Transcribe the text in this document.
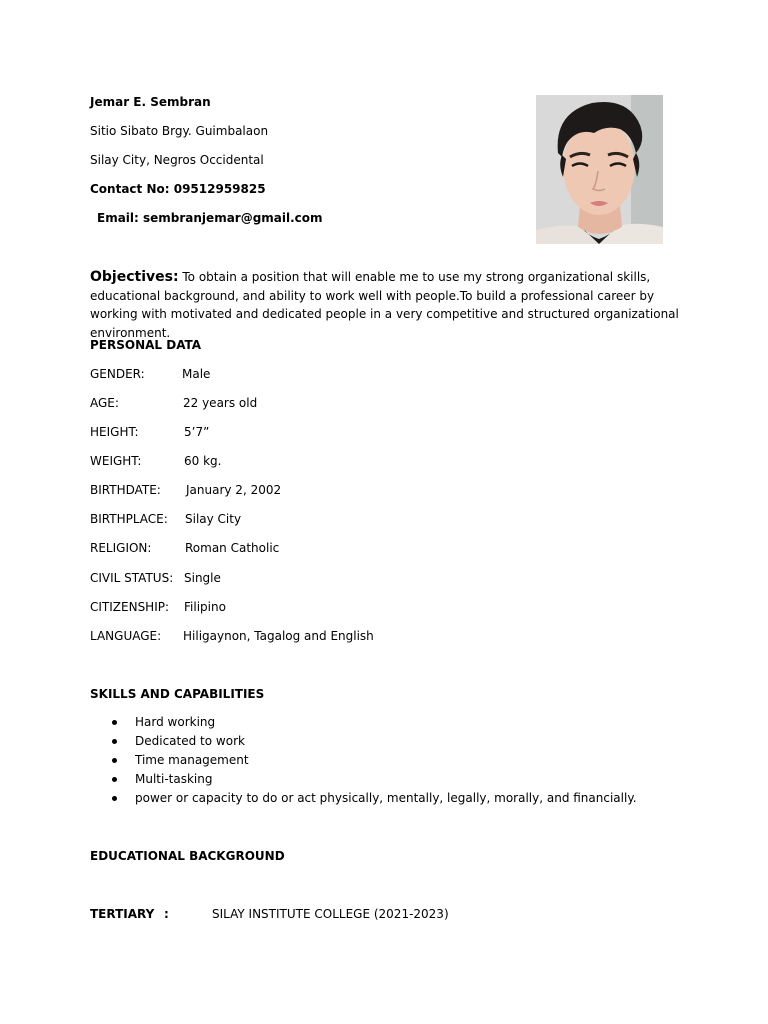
Jemar E. Sembran
Sitio Sibato Brgy. Guimbalaon
Silay City, Negros Occidental
Contact No: 09512959825
Email: sembranjemar@gmail.com
Objectives: To obtain a position that will enable me to use my strong organizational skills, educational background, and ability to work well with people.To build a professional career by working with motivated and dedicated people in a very competitive and structured organizational environment.
PERSONAL DATA
GENDER:	Male
AGE:	22 years old
HEIGHT:	5’7”
WEIGHT:	60 kg.
BIRTHDATE: January 2, 2002
BIRTHPLACE: Silay City
RELIGION:	Roman Catholic
CIVIL STATUS: Single
CITIZENSHIP: Filipino
LANGUAGE: Hiligaynon, Tagalog and English
SKILLS AND CAPABILITIES
Hard working
Dedicated to work
Time management
Multi-tasking
power or capacity to do or act physically, mentally, legally, morally, and financially.
EDUCATIONAL BACKGROUND
TERTIARY :	SILAY INSTITUTE COLLEGE (2021-2023)
